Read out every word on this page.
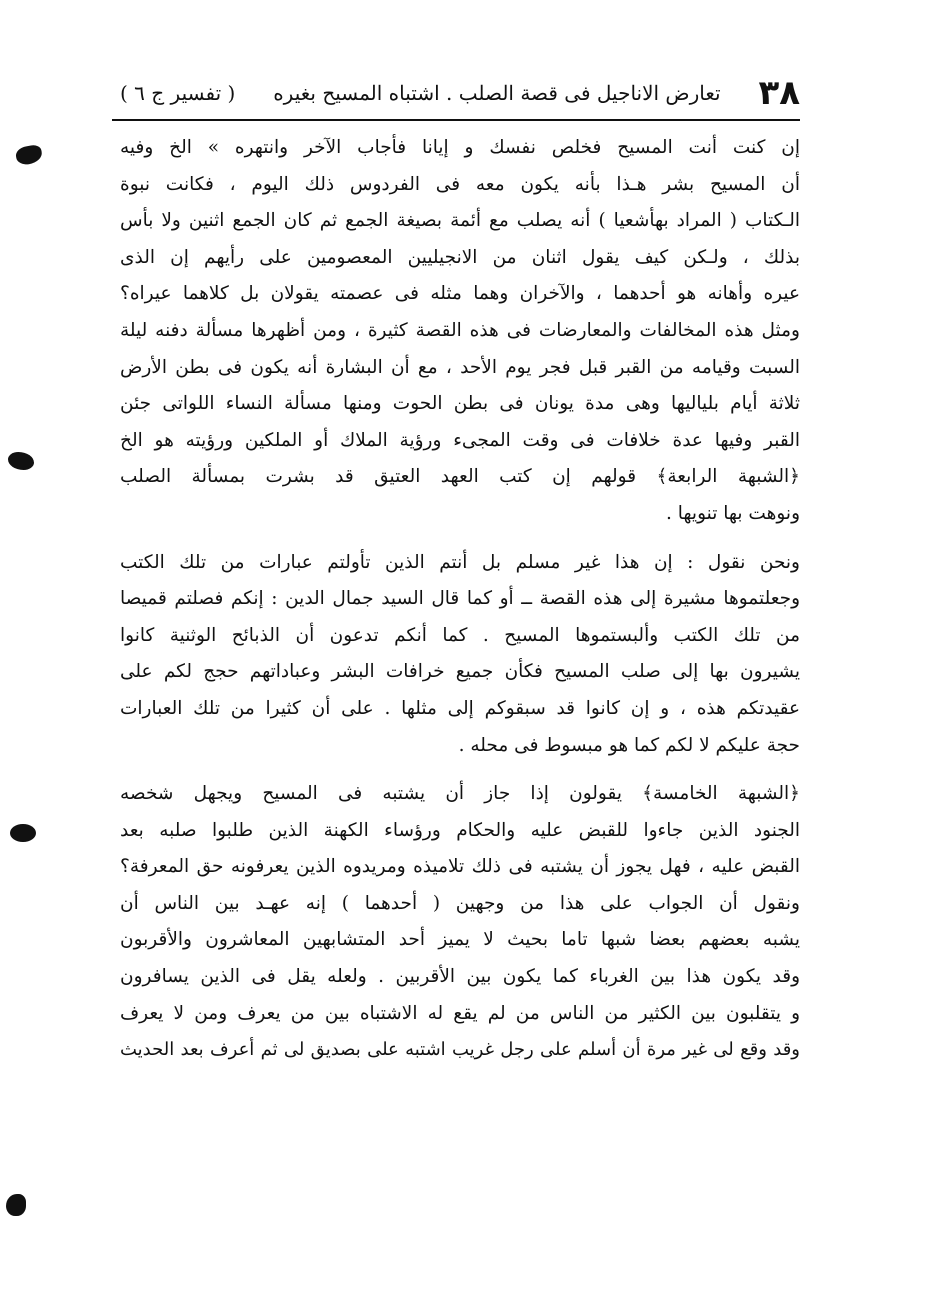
٣٨
تعارض الاناجيل فى قصة الصلب . اشتباه المسيح بغيره
( تفسير ج ٦ )
إن كنت أنت المسيح فخلص نفسك و إيانا فأجاب الآخر وانتهره » الخ وفيه
أن المسيح بشر هـذا بأنه يكون معه فى الفردوس ذلك اليوم ، فكانت نبوة
الـكتاب ( المراد بهأشعيا ) أنه يصلب مع أئمة بصيغة الجمع ثم كان الجمع اثنين ولا بأس
بذلك ، ولـكن كيف يقول اثنان من الانجيليين المعصومين على رأيهم إن الذى
عيره وأهانه هو أحدهما ، والآخران وهما مثله فى عصمته يقولان بل كلاهما عيراه؟
ومثل هذه المخالفات والمعارضات فى هذه القصة كثيرة ، ومن أظهرها مسألة دفنه ليلة
السبت وقيامه من القبر قبل فجر يوم الأحد ، مع أن البشارة أنه يكون فى بطن الأرض
ثلاثة أيام بلياليها وهى مدة يونان فى بطن الحوت ومنها مسألة النساء اللواتى جئن
القبر وفيها عدة خلافات فى وقت المجىء ورؤية الملاك أو الملكين ورؤيته هو الخ
﴿الشبهة الرابعة﴾ قولهم إن كتب العهد العتيق قد بشرت بمسألة الصلب
ونوهت بها تنويها .
ونحن نقول : إن هذا غير مسلم بل أنتم الذين تأولتم عبارات من تلك الكتب
وجعلتموها مشيرة إلى هذه القصة ــ أو كما قال السيد جمال الدين : إنكم فصلتم قميصا
من تلك الكتب وألبستموها المسيح . كما أنكم تدعون أن الذبائح الوثنية كانوا
يشيرون بها إلى صلب المسيح فكأن جميع خرافات البشر وعباداتهم حجج لكم على
عقيدتكم هذه ، و إن كانوا قد سبقوكم إلى مثلها . على أن كثيرا من تلك العبارات
حجة عليكم لا لكم كما هو مبسوط فى محله .
﴿الشبهة الخامسة﴾ يقولون إذا جاز أن يشتبه فى المسيح ويجهل شخصه
الجنود الذين جاءوا للقبض عليه والحكام ورؤساء الكهنة الذين طلبوا صلبه بعد
القبض عليه ، فهل يجوز أن يشتبه فى ذلك تلاميذه ومريدوه الذين يعرفونه حق المعرفة؟
ونقول أن الجواب على هذا من وجهين ( أحدهما ) إنه عهـد بين الناس أن
يشبه بعضهم بعضا شبها تاما بحيث لا يميز أحد المتشابهين المعاشرون والأقربون
وقد يكون هذا بين الغرباء كما يكون بين الأقربين . ولعله يقل فى الذين يسافرون
و يتقلبون بين الكثير من الناس من لم يقع له الاشتباه بين من يعرف ومن لا يعرف
وقد وقع لى غير مرة أن أسلم على رجل غريب اشتبه على بصديق لى ثم أعرف بعد الحديث
